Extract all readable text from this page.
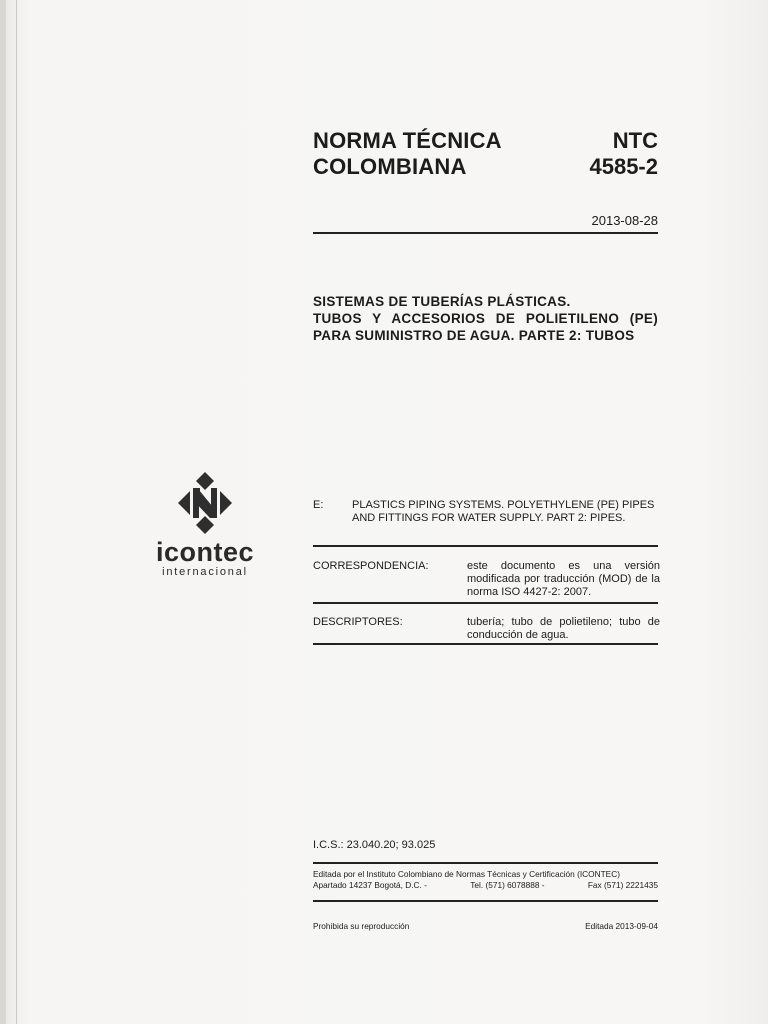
NORMA TÉCNICA
COLOMBIANA
NTC
4585-2
2013-08-28
SISTEMAS DE TUBERÍAS PLÁSTICAS.
TUBOS Y ACCESORIOS DE POLIETILENO (PE)
PARA SUMINISTRO DE AGUA. PARTE 2: TUBOS
icontec
internacional
E:	PLASTICS PIPING SYSTEMS. POLYETHYLENE (PE) PIPES
AND FITTINGS FOR WATER SUPPLY. PART 2: PIPES.
CORRESPONDENCIA:	este documento es una versión modificada por traducción (MOD) de la norma ISO 4427-2: 2007.
DESCRIPTORES:	tubería; tubo de polietileno; tubo de conducción de agua.
I.C.S.: 23.040.20; 93.025
Editada por el Instituto Colombiano de Normas Técnicas y Certificación (ICONTEC)
Apartado 14237 Bogotá, D.C. -	Tel. (571) 6078888 -	Fax (571) 2221435
Prohibida su reproducción	Editada 2013-09-04
